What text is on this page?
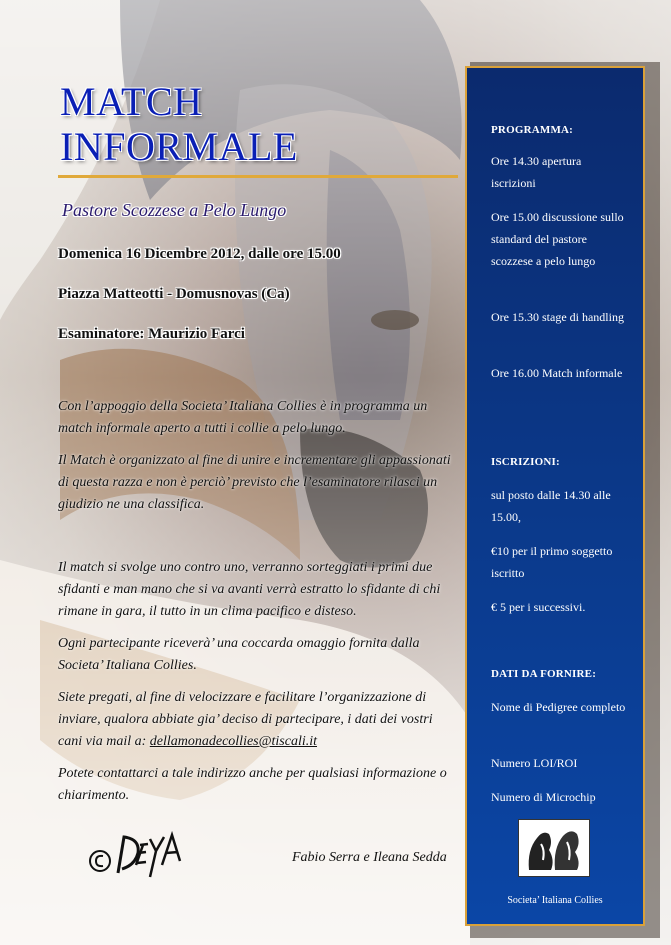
MATCH
INFORMALE
Pastore Scozzese a Pelo Lungo
Domenica 16 Dicembre 2012, dalle ore 15.00
Piazza Matteotti - Domusnovas (Ca)
Esaminatore: Maurizio Farci
Con l’appoggio della Societa’ Italiana Collies è in programma un match informale aperto a tutti i collie a pelo lungo.
Il Match è organizzato al fine di unire e incrementare gli appassionati di questa razza e non è perciò’ previsto che l’esaminatore rilasci un giudizio ne una classifica.
Il match si svolge uno contro uno, verranno sorteggiati i primi due sfidanti e man mano che si va avanti verrà estratto lo sfidante di chi rimane in gara, il tutto in un clima pacifico e disteso.
Ogni partecipante riceverà’ una coccarda omaggio fornita dalla Societa’ Italiana Collies.
Siete pregati, al fine di velocizzare e facilitare l’organizzazione di inviare, qualora abbiate gia’ deciso di partecipare, i dati dei vostri cani via mail a: dellamonadecollies@tiscali.it
Potete contattarci a tale indirizzo anche per qualsiasi informazione o chiarimento.
Fabio Serra e Ileana Sedda
PROGRAMMA:
Ore 14.30 apertura iscrizioni
Ore 15.00 discussione sullo standard del pastore scozzese a pelo lungo
Ore 15.30 stage di handling
Ore 16.00 Match informale
ISCRIZIONI:
sul posto dalle 14.30 alle 15.00,
€10 per il primo soggetto iscritto
€ 5 per i successivi.
DATI DA FORNIRE:
Nome di Pedigree completo
Numero LOI/ROI
Numero di Microchip
Societa’ Italiana Collies
